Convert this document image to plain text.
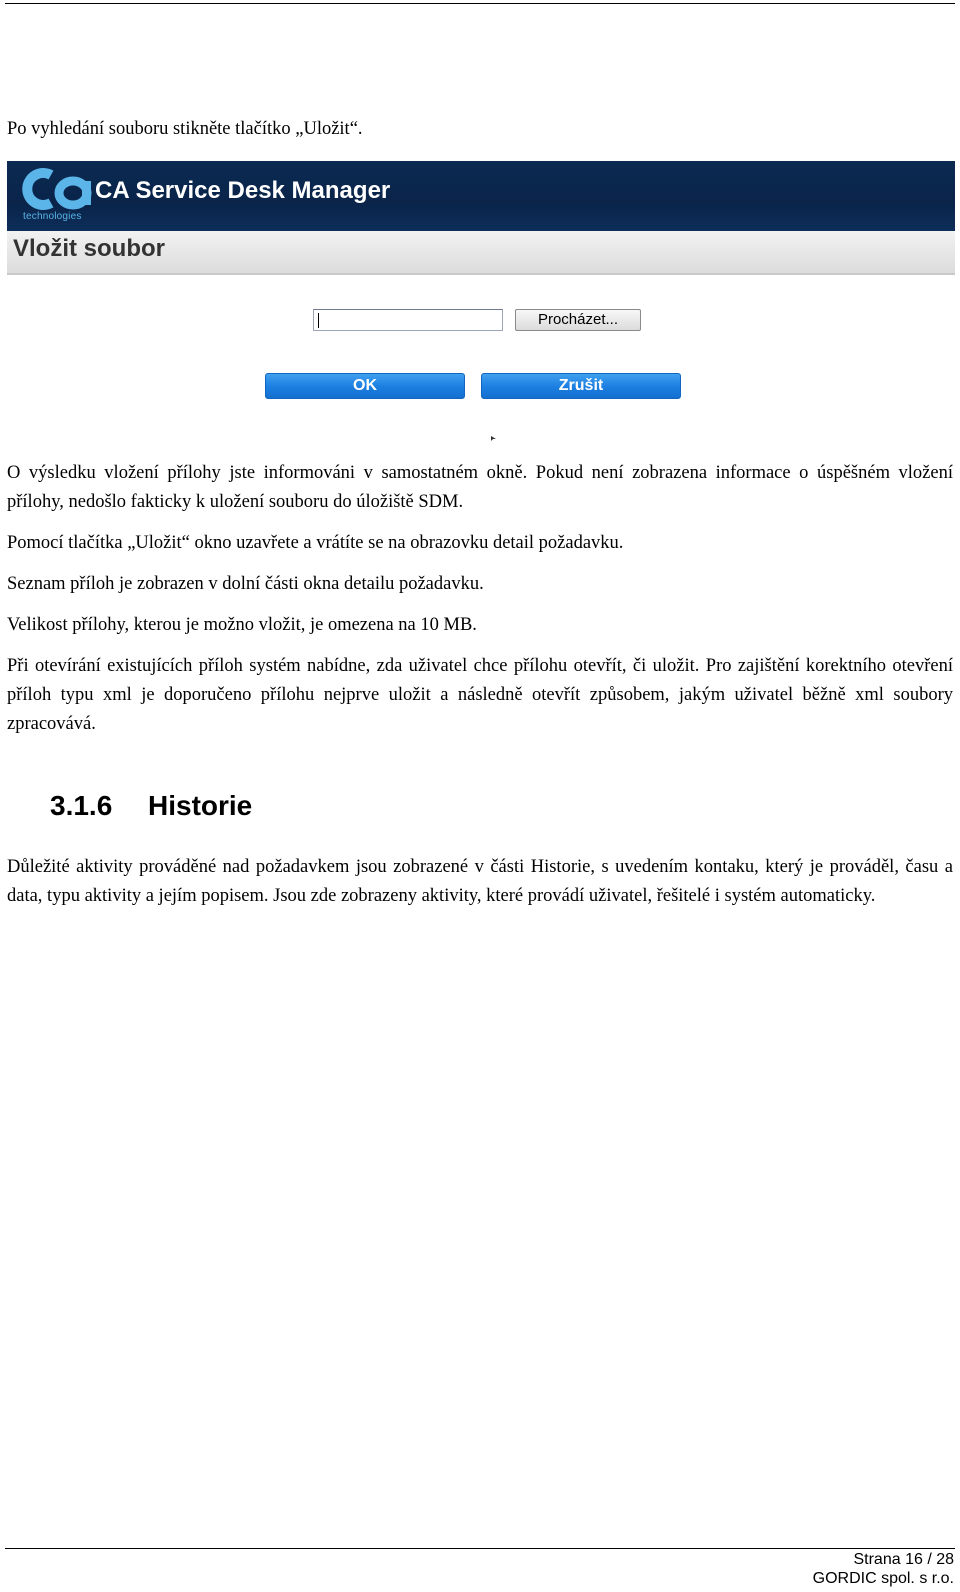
Po vyhledání souboru stikněte tlačítko „Uložit“.

technologies
CA Service Desk Manager
Vložit soubor
Procházet...
OK	Zrušit

O výsledku vložení přílohy jste informováni v samostatném okně. Pokud není zobrazena informace o úspěšném vložení přílohy, nedošlo fakticky k uložení souboru do úložiště SDM.

Pomocí tlačítka „Uložit“ okno uzavřete a vrátíte se na obrazovku detail požadavku.

Seznam příloh je zobrazen v dolní části okna detailu požadavku.

Velikost přílohy, kterou je možno vložit, je omezena na 10 MB.

Při otevírání existujících příloh systém nabídne, zda uživatel chce přílohu otevřít, či uložit. Pro zajištění korektního otevření příloh typu xml je doporučeno přílohu nejprve uložit a následně otevřít způsobem, jakým uživatel běžně xml soubory zpracovává.

3.1.6 Historie

Důležité aktivity prováděné nad požadavkem jsou zobrazené v části Historie, s uvedením kontaku, který je prováděl, času a data, typu aktivity a jejím popisem. Jsou zde zobrazeny aktivity, které provádí uživatel, řešitelé i systém automaticky.

Strana 16 / 28
GORDIC spol. s r.o.
